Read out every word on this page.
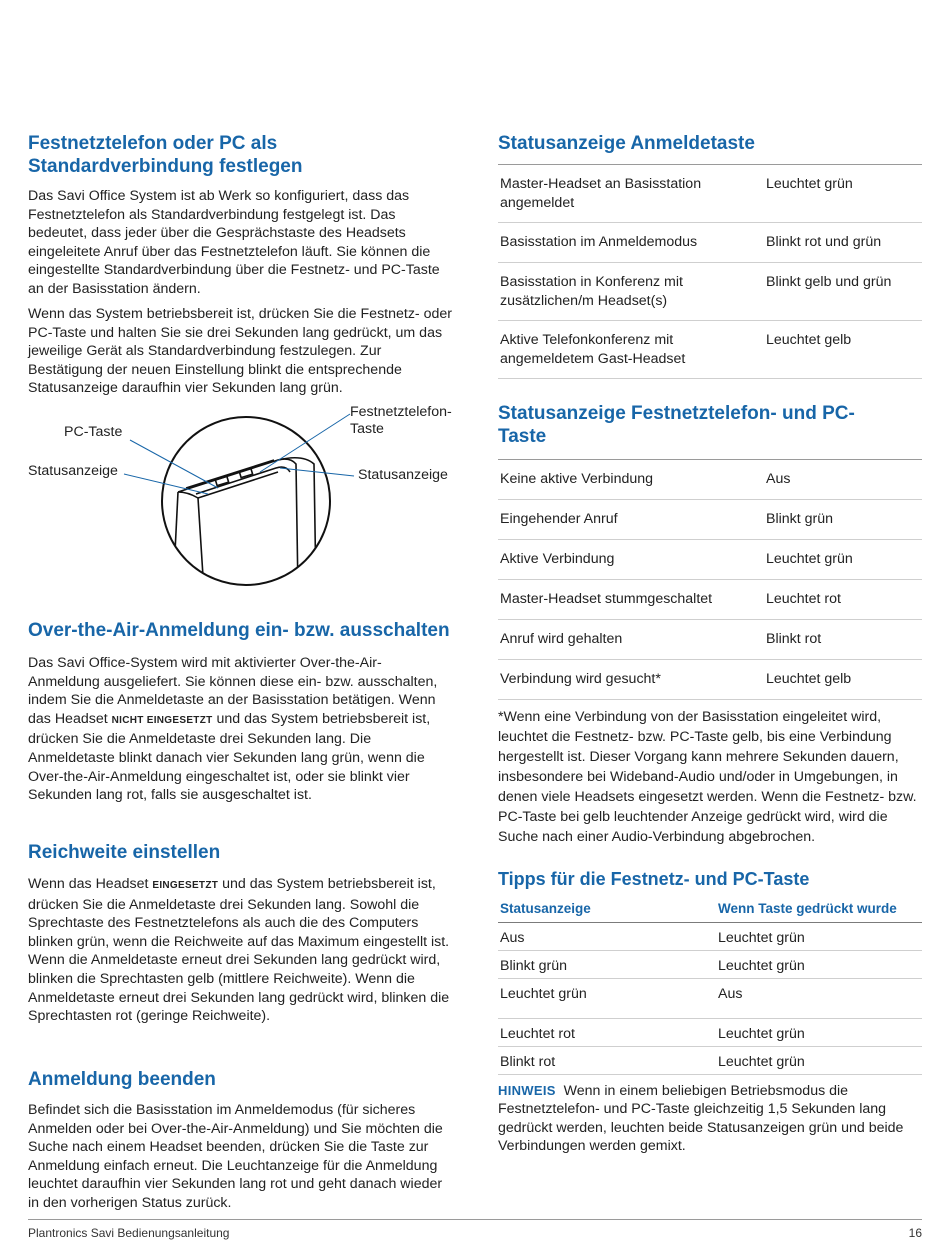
Festnetztelefon oder PC als Standardverbindung festlegen

Das Savi Office System ist ab Werk so konfiguriert, dass das Festnetztelefon als Standardverbindung festgelegt ist. Das bedeutet, dass jeder über die Gesprächstaste des Headsets eingeleitete Anruf über das Festnetztelefon läuft. Sie können die eingestellte Standardverbindung über die Festnetz- und PC-Taste an der Basisstation ändern.

Wenn das System betriebsbereit ist, drücken Sie die Festnetz- oder PC-Taste und halten Sie sie drei Sekunden lang gedrückt, um das jeweilige Gerät als Standardverbindung festzulegen. Zur Bestätigung der neuen Einstellung blinkt die entsprechende Statusanzeige daraufhin vier Sekunden lang grün.

PC-Taste
Festnetztelefon-Taste
Statusanzeige	Statusanzeige
Over-the-Air-Anmeldung ein- bzw. ausschalten

Das Savi Office-System wird mit aktivierter Over-the-Air-Anmeldung ausgeliefert. Sie können diese ein- bzw. ausschalten, indem Sie die Anmeldetaste an der Basisstation betätigen. Wenn das Headset NICHT EINGESETZT und das System betriebsbereit ist, drücken Sie die Anmeldetaste drei Sekunden lang. Die Anmeldetaste blinkt danach vier Sekunden lang grün, wenn die Over-the-Air-Anmeldung eingeschaltet ist, oder sie blinkt vier Sekunden lang rot, falls sie ausgeschaltet ist.

Reichweite einstellen

Wenn das Headset EINGESETZT und das System betriebsbereit ist, drücken Sie die Anmeldetaste drei Sekunden lang. Sowohl die Sprechtaste des Festnetztelefons als auch die des Computers blinken grün, wenn die Reichweite auf das Maximum eingestellt ist. Wenn die Anmeldetaste erneut drei Sekunden lang gedrückt wird, blinken die Sprechtasten gelb (mittlere Reichweite). Wenn die Anmeldetaste erneut drei Sekunden lang gedrückt wird, blinken die Sprechtasten rot (geringe Reichweite).

Anmeldung beenden

Befindet sich die Basisstation im Anmeldemodus (für sicheres Anmelden oder bei Over-the-Air-Anmeldung) und Sie möchten die Suche nach einem Headset beenden, drücken Sie die Taste zur Anmeldung einfach erneut. Die Leuchtanzeige für die Anmeldung leuchtet daraufhin vier Sekunden lang rot und geht danach wieder in den vorherigen Status zurück.

Statusanzeige Anmeldetaste
Master-Headset an Basisstation angemeldet	Leuchtet grün
Basisstation im Anmeldemodus	Blinkt rot und grün
Basisstation in Konferenz mit zusätzlichen/m Headset(s)	Blinkt gelb und grün
Aktive Telefonkonferenz mit angemeldetem Gast-Headset	Leuchtet gelb
Statusanzeige Festnetztelefon- und PC-Taste
Keine aktive Verbindung	Aus
Eingehender Anruf	Blinkt grün
Aktive Verbindung	Leuchtet grün
Master-Headset stummgeschaltet	Leuchtet rot
Anruf wird gehalten	Blinkt rot
Verbindung wird gesucht*	Leuchtet gelb

*Wenn eine Verbindung von der Basisstation eingeleitet wird, leuchtet die Festnetz- bzw. PC-Taste gelb, bis eine Verbindung hergestellt ist. Dieser Vorgang kann mehrere Sekunden dauern, insbesondere bei Wideband-Audio und/oder in Umgebungen, in denen viele Headsets eingesetzt werden. Wenn die Festnetz- bzw. PC-Taste bei gelb leuchtender Anzeige gedrückt wird, wird die Suche nach einer Audio-Verbindung abgebrochen.

Tipps für die Festnetz- und PC-Taste
Statusanzeige	Wenn Taste gedrückt wurde
Aus	Leuchtet grün
Blinkt grün	Leuchtet grün
Leuchtet grün	Aus
Leuchtet rot	Leuchtet grün
Blinkt rot	Leuchtet grün

HINWEIS Wenn in einem beliebigen Betriebsmodus die Festnetztelefon- und PC-Taste gleichzeitig 1,5 Sekunden lang gedrückt werden, leuchten beide Statusanzeigen grün und beide Verbindungen werden gemixt.

Plantronics Savi Bedienungsanleitung	16
